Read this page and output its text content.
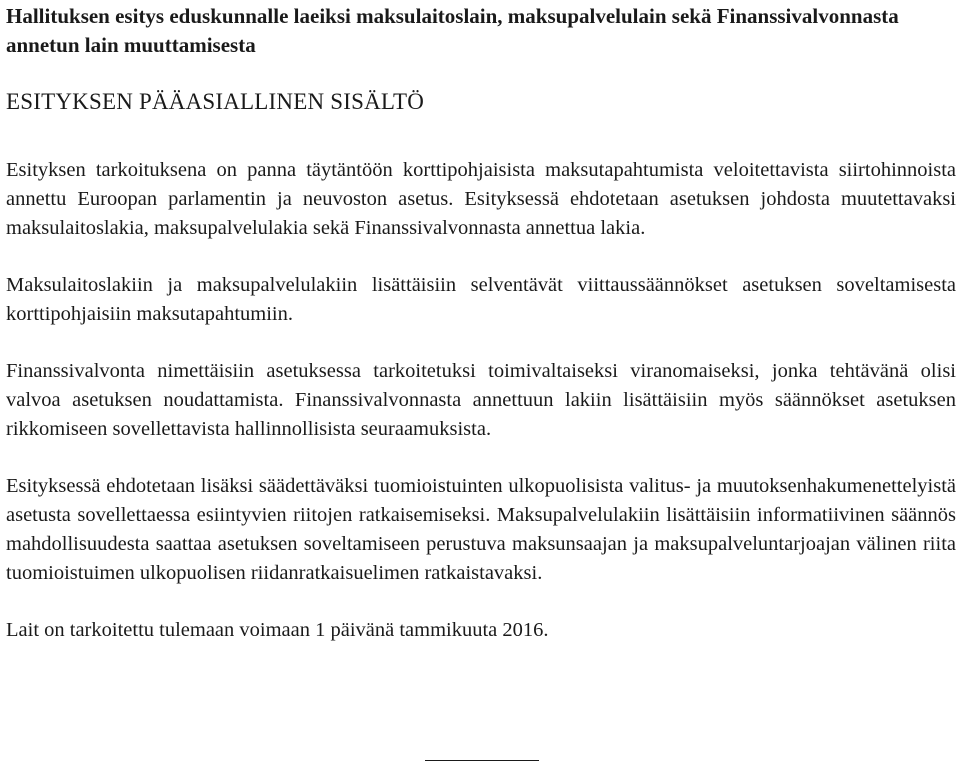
Hallituksen esitys eduskunnalle laeiksi maksulaitoslain, maksupalvelulain sekä Finanssivalvonnasta annetun lain muuttamisesta
ESITYKSEN PÄÄASIALLINEN SISÄLTÖ

Esityksen tarkoituksena on panna täytäntöön korttipohjaisista maksutapahtumista veloitettavista siirtohinnoista annettu Euroopan parlamentin ja neuvoston asetus. Esityksessä ehdotetaan asetuksen johdosta muutettavaksi maksulaitoslakia, maksupalvelulakia sekä Finanssivalvonnasta annettua lakia.

Maksulaitoslakiin ja maksupalvelulakiin lisättäisiin selventävät viittaussäännökset asetuksen soveltamisesta korttipohjaisiin maksutapahtumiin.

Finanssivalvonta nimettäisiin asetuksessa tarkoitetuksi toimivaltaiseksi viranomaiseksi, jonka tehtävänä olisi valvoa asetuksen noudattamista. Finanssivalvonnasta annettuun lakiin lisättäisiin myös säännökset asetuksen rikkomiseen sovellettavista hallinnollisista seuraamuksista.

Esityksessä ehdotetaan lisäksi säädettäväksi tuomioistuinten ulkopuolisista valitus- ja muutoksenhakumenettelyistä asetusta sovellettaessa esiintyvien riitojen ratkaisemiseksi. Maksupalvelulakiin lisättäisiin informatiivinen säännös mahdollisuudesta saattaa asetuksen soveltamiseen perustuva maksunsaajan ja maksupalveluntarjoajan välinen riita tuomioistuimen ulkopuolisen riidanratkaisuelimen ratkaistavaksi.

Lait on tarkoitettu tulemaan voimaan 1 päivänä tammikuuta 2016.
